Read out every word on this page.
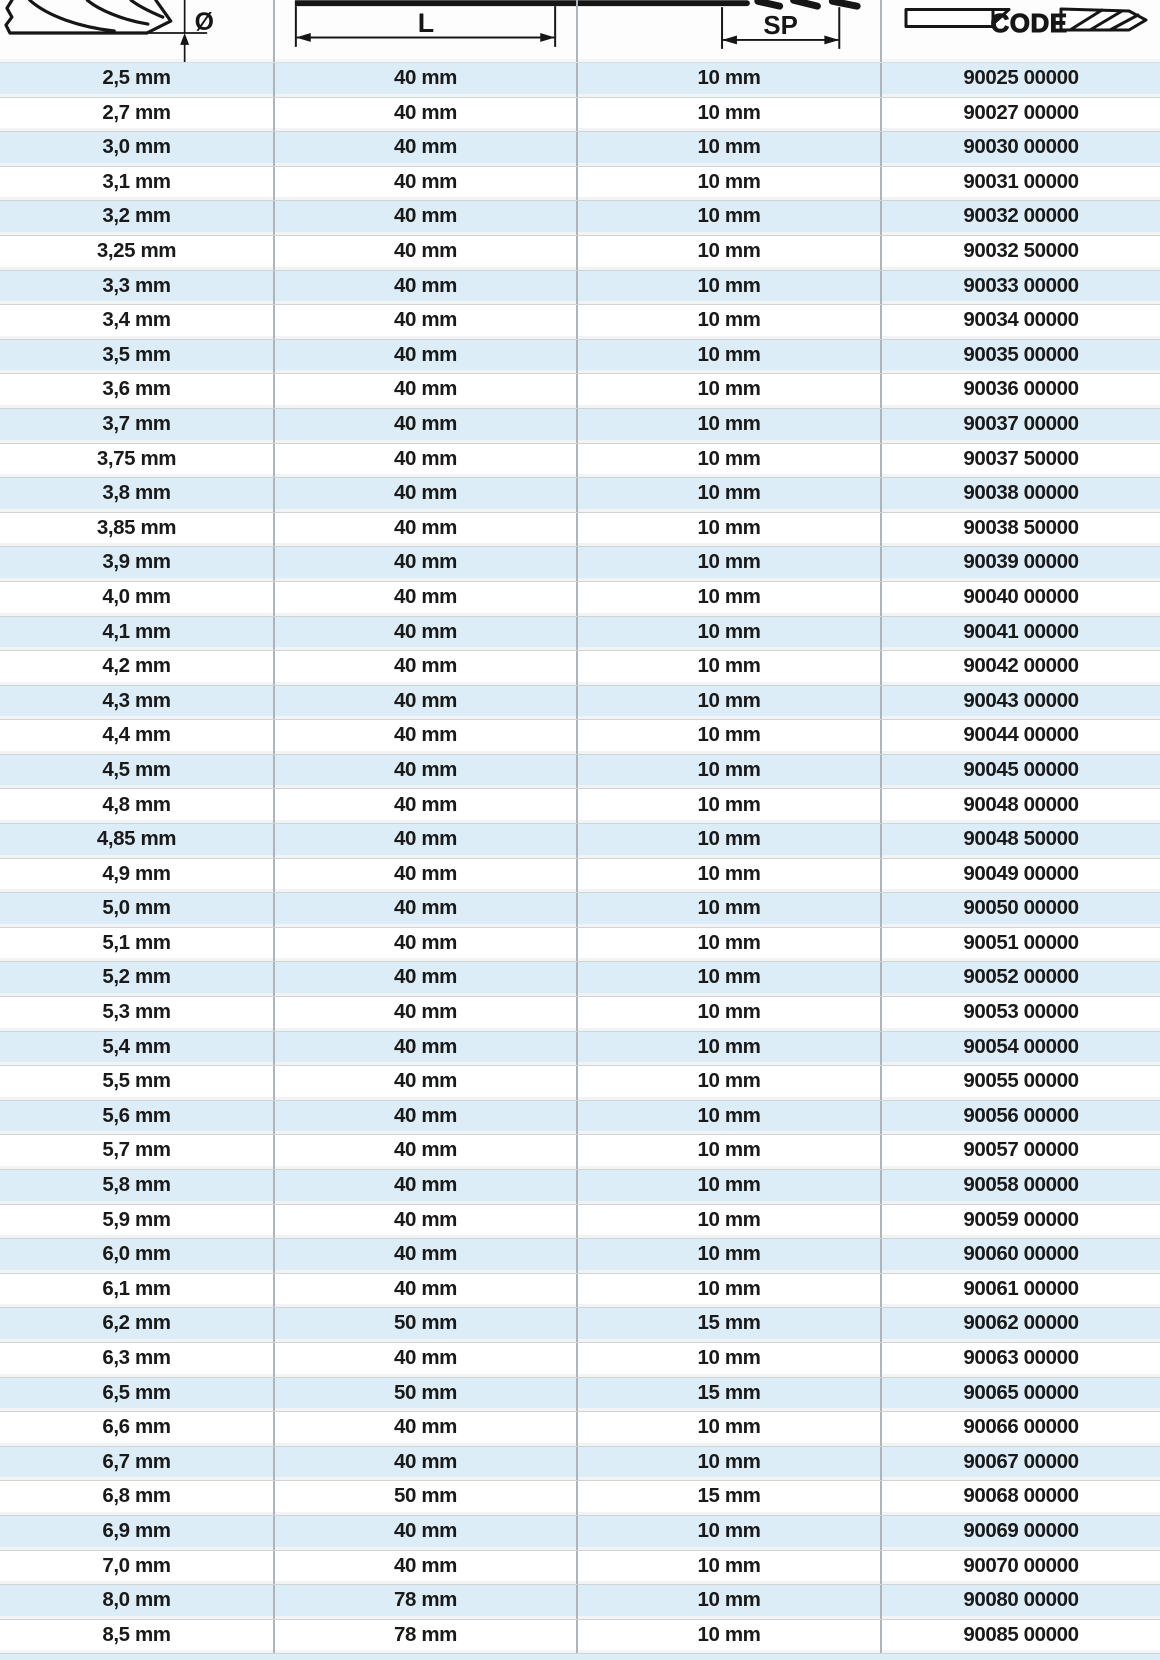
Ø	L	SP	CODE
2,5 mm	40 mm	10 mm	90025 00000
2,7 mm	40 mm	10 mm	90027 00000
3,0 mm	40 mm	10 mm	90030 00000
3,1 mm	40 mm	10 mm	90031 00000
3,2 mm	40 mm	10 mm	90032 00000
3,25 mm	40 mm	10 mm	90032 50000
3,3 mm	40 mm	10 mm	90033 00000
3,4 mm	40 mm	10 mm	90034 00000
3,5 mm	40 mm	10 mm	90035 00000
3,6 mm	40 mm	10 mm	90036 00000
3,7 mm	40 mm	10 mm	90037 00000
3,75 mm	40 mm	10 mm	90037 50000
3,8 mm	40 mm	10 mm	90038 00000
3,85 mm	40 mm	10 mm	90038 50000
3,9 mm	40 mm	10 mm	90039 00000
4,0 mm	40 mm	10 mm	90040 00000
4,1 mm	40 mm	10 mm	90041 00000
4,2 mm	40 mm	10 mm	90042 00000
4,3 mm	40 mm	10 mm	90043 00000
4,4 mm	40 mm	10 mm	90044 00000
4,5 mm	40 mm	10 mm	90045 00000
4,8 mm	40 mm	10 mm	90048 00000
4,85 mm	40 mm	10 mm	90048 50000
4,9 mm	40 mm	10 mm	90049 00000
5,0 mm	40 mm	10 mm	90050 00000
5,1 mm	40 mm	10 mm	90051 00000
5,2 mm	40 mm	10 mm	90052 00000
5,3 mm	40 mm	10 mm	90053 00000
5,4 mm	40 mm	10 mm	90054 00000
5,5 mm	40 mm	10 mm	90055 00000
5,6 mm	40 mm	10 mm	90056 00000
5,7 mm	40 mm	10 mm	90057 00000
5,8 mm	40 mm	10 mm	90058 00000
5,9 mm	40 mm	10 mm	90059 00000
6,0 mm	40 mm	10 mm	90060 00000
6,1 mm	40 mm	10 mm	90061 00000
6,2 mm	50 mm	15 mm	90062 00000
6,3 mm	40 mm	10 mm	90063 00000
6,5 mm	50 mm	15 mm	90065 00000
6,6 mm	40 mm	10 mm	90066 00000
6,7 mm	40 mm	10 mm	90067 00000
6,8 mm	50 mm	15 mm	90068 00000
6,9 mm	40 mm	10 mm	90069 00000
7,0 mm	40 mm	10 mm	90070 00000
8,0 mm	78 mm	10 mm	90080 00000
8,5 mm	78 mm	10 mm	90085 00000
